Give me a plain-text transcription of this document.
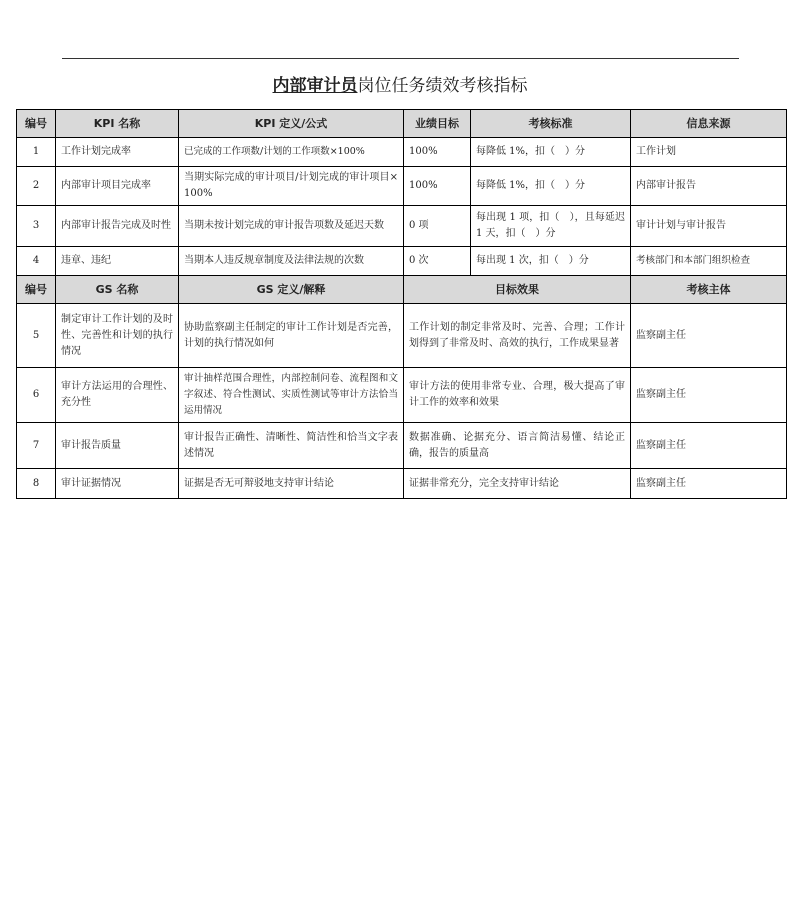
内部审计员岗位任务绩效考核指标
编号	KPI 名称	KPI 定义/公式	业绩目标	考核标准	信息来源
1	工作计划完成率	已完成的工作项数/计划的工作项数×100%	100%	每降低 1%，扣（　）分	工作计划
2	内部审计项目完成率	当期实际完成的审计项目/计划完成的审计项目×100%	100%	每降低 1%，扣（　）分	内部审计报告
3	内部审计报告完成及时性	当期未按计划完成的审计报告项数及延迟天数	0 项	每出现 1 项，扣（　），且每延迟 1 天，扣（　）分	审计计划与审计报告
4	违章、违纪	当期本人违反规章制度及法律法规的次数	0 次	每出现 1 次，扣（　）分	考核部门和本部门组织检查
编号	GS 名称	GS 定义/解释	目标效果		考核主体
5	制定审计工作计划的及时性、完善性和计划的执行情况	协助监察副主任制定的审计工作计划是否完善，计划的执行情况如何	工作计划的制定非常及时、完善、合理；工作计划得到了非常及时、高效的执行，工作成果显著		监察副主任
6	审计方法运用的合理性、充分性	审计抽样范围合理性，内部控制问卷、流程图和文字叙述、符合性测试、实质性测试等审计方法恰当运用情况	审计方法的使用非常专业、合理，极大提高了审计工作的效率和效果		监察副主任
7	审计报告质量	审计报告正确性、清晰性、简洁性和恰当文字表述情况	数据准确、论据充分、语言简洁易懂、结论正确，报告的质量高		监察副主任
8	审计证据情况	证据是否无可辩驳地支持审计结论	证据非常充分，完全支持审计结论		监察副主任
